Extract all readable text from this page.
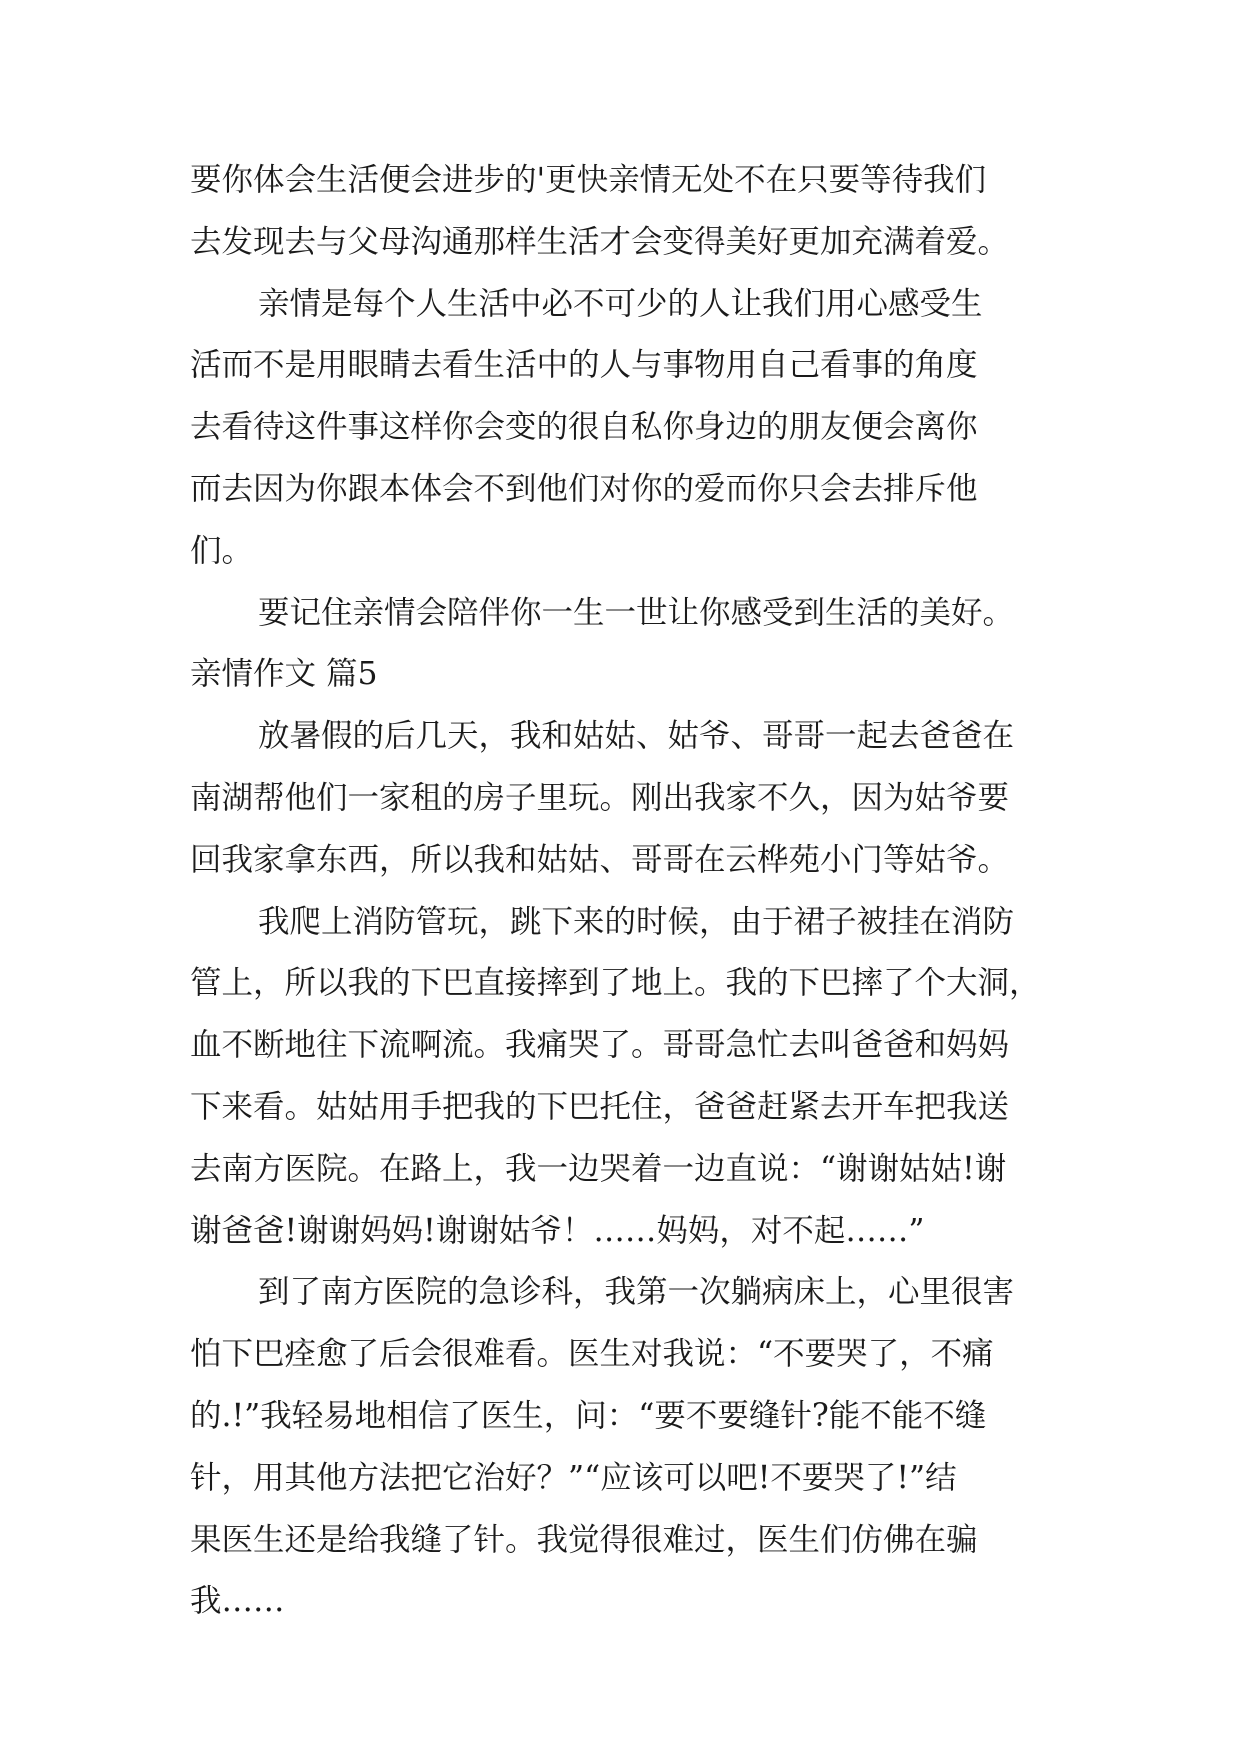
要你体会生活便会进步的'更快亲情无处不在只要等待我们
去发现去与父母沟通那样生活才会变得美好更加充满着爱。
亲情是每个人生活中必不可少的人让我们用心感受生
活而不是用眼睛去看生活中的人与事物用自己看事的角度
去看待这件事这样你会变的很自私你身边的朋友便会离你
而去因为你跟本体会不到他们对你的爱而你只会去排斥他
们。
要记住亲情会陪伴你一生一世让你感受到生活的美好。
亲情作文 篇5
放暑假的后几天，我和姑姑、姑爷、哥哥一起去爸爸在
南湖帮他们一家租的房子里玩。刚出我家不久，因为姑爷要
回我家拿东西，所以我和姑姑、哥哥在云桦苑小门等姑爷。
我爬上消防管玩，跳下来的时候，由于裙子被挂在消防
管上，所以我的下巴直接摔到了地上。我的下巴摔了个大洞，
血不断地往下流啊流。我痛哭了。哥哥急忙去叫爸爸和妈妈
下来看。姑姑用手把我的下巴托住，爸爸赶紧去开车把我送
去南方医院。在路上，我一边哭着一边直说：“谢谢姑姑!谢
谢爸爸!谢谢妈妈!谢谢姑爷！……妈妈，对不起……”
到了南方医院的急诊科，我第一次躺病床上，心里很害
怕下巴痊愈了后会很难看。医生对我说：“不要哭了，不痛
的.!”我轻易地相信了医生，问：“要不要缝针?能不能不缝
针，用其他方法把它治好？”“应该可以吧!不要哭了!”结
果医生还是给我缝了针。我觉得很难过，医生们仿佛在骗
我……
